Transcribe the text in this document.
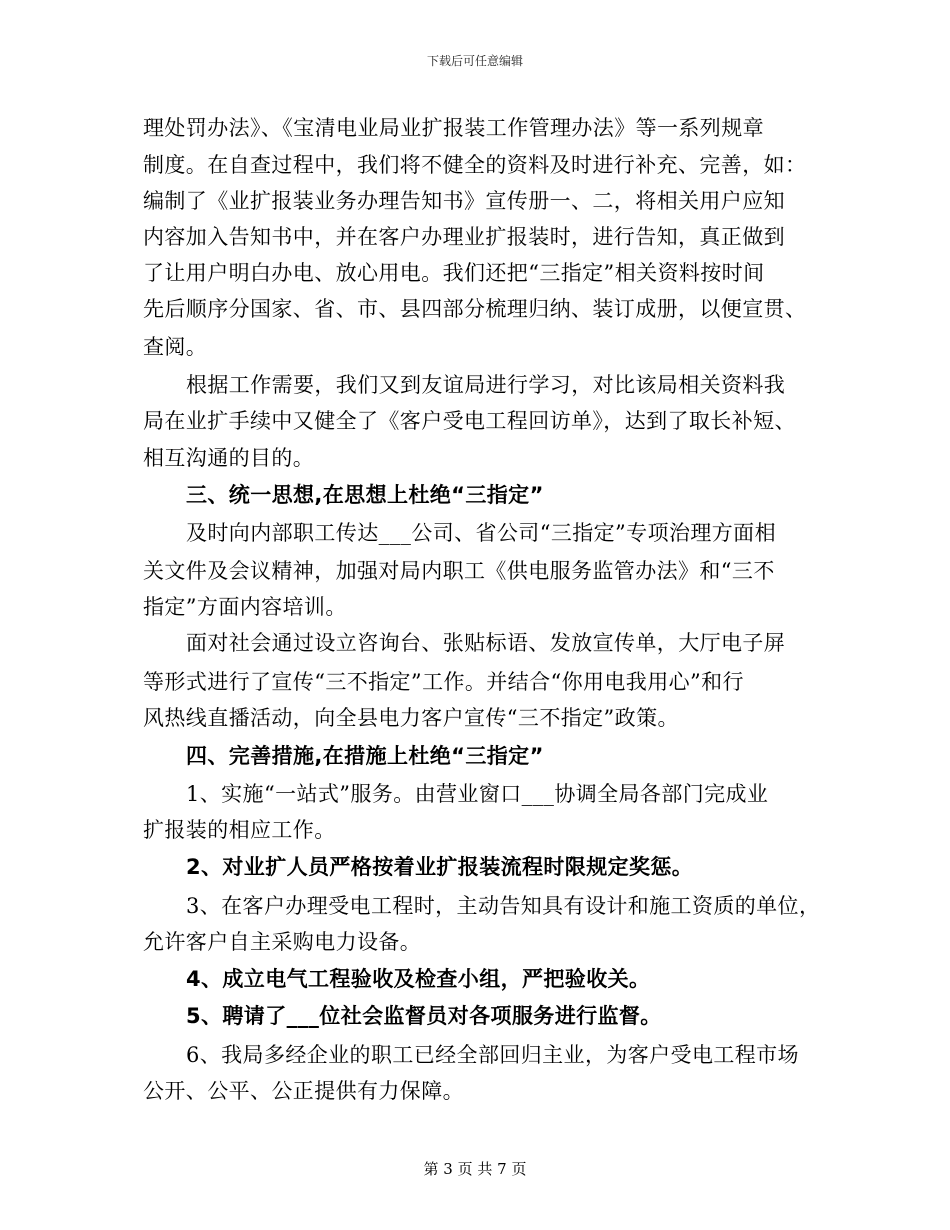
下载后可任意编辑

理处罚办法》、《宝清电业局业扩报装工作管理办法》等一系列规章

制度。在自查过程中，我们将不健全的资料及时进行补充、完善，如：

编制了《业扩报装业务办理告知书》宣传册一、二，将相关用户应知

内容加入告知书中，并在客户办理业扩报装时，进行告知，真正做到

了让用户明白办电、放心用电。我们还把“三指定”相关资料按时间

先后顺序分国家、省、市、县四部分梳理归纳、装订成册，以便宣贯、

查阅。

根据工作需要，我们又到友谊局进行学习，对比该局相关资料我

局在业扩手续中又健全了《客户受电工程回访单》，达到了取长补短、

相互沟通的目的。

三、统一思想,在思想上杜绝“三指定”

及时向内部职工传达___公司、省公司“三指定”专项治理方面相

关文件及会议精神，加强对局内职工《供电服务监管办法》和“三不

指定”方面内容培训。

面对社会通过设立咨询台、张贴标语、发放宣传单，大厅电子屏

等形式进行了宣传“三不指定”工作。并结合“你用电我用心”和行

风热线直播活动，向全县电力客户宣传“三不指定”政策。

四、完善措施,在措施上杜绝“三指定”

1、实施“一站式”服务。由营业窗口___协调全局各部门完成业

扩报装的相应工作。

2、对业扩人员严格按着业扩报装流程时限规定奖惩。

3、在客户办理受电工程时，主动告知具有设计和施工资质的单位，

允许客户自主采购电力设备。

4、成立电气工程验收及检查小组，严把验收关。

5、聘请了___位社会监督员对各项服务进行监督。

6、我局多经企业的职工已经全部回归主业，为客户受电工程市场

公开、公平、公正提供有力保障。

第 3 页 共 7 页
